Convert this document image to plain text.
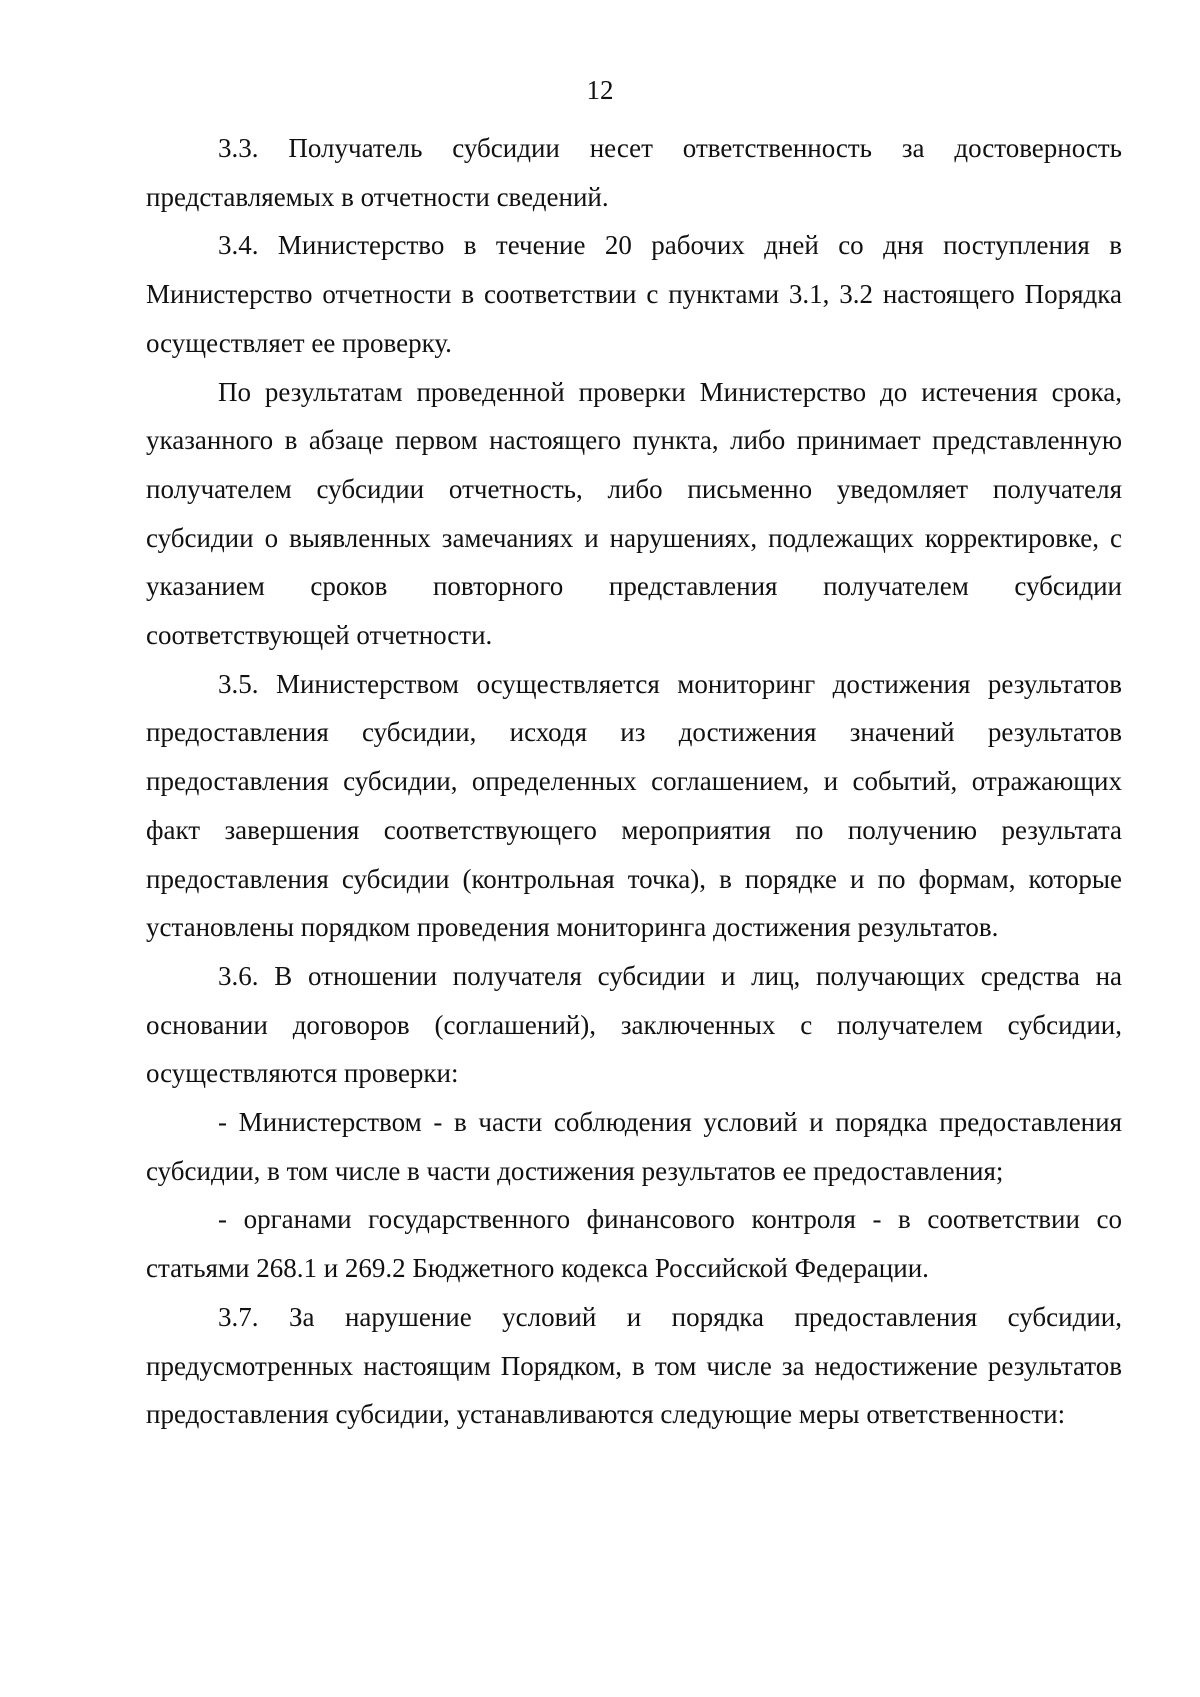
12

3.3. Получатель субсидии несет ответственность за достоверность представляемых в отчетности сведений.

3.4. Министерство в течение 20 рабочих дней со дня поступления в Министерство отчетности в соответствии с пунктами 3.1, 3.2 настоящего Порядка осуществляет ее проверку.

По результатам проведенной проверки Министерство до истечения срока, указанного в абзаце первом настоящего пункта, либо принимает представленную получателем субсидии отчетность, либо письменно уведомляет получателя субсидии о выявленных замечаниях и нарушениях, подлежащих корректировке, с указанием сроков повторного представления получателем субсидии соответствующей отчетности.

3.5. Министерством осуществляется мониторинг достижения результатов предоставления субсидии, исходя из достижения значений результатов предоставления субсидии, определенных соглашением, и событий, отражающих факт завершения соответствующего мероприятия по получению результата предоставления субсидии (контрольная точка), в порядке и по формам, которые установлены порядком проведения мониторинга достижения результатов.

3.6. В отношении получателя субсидии и лиц, получающих средства на основании договоров (соглашений), заключенных с получателем субсидии, осуществляются проверки:

- Министерством - в части соблюдения условий и порядка предоставления субсидии, в том числе в части достижения результатов ее предоставления;

- органами государственного финансового контроля - в соответствии со статьями 268.1 и 269.2 Бюджетного кодекса Российской Федерации.

3.7. За нарушение условий и порядка предоставления субсидии, предусмотренных настоящим Порядком, в том числе за недостижение результатов предоставления субсидии, устанавливаются следующие меры ответственности:
